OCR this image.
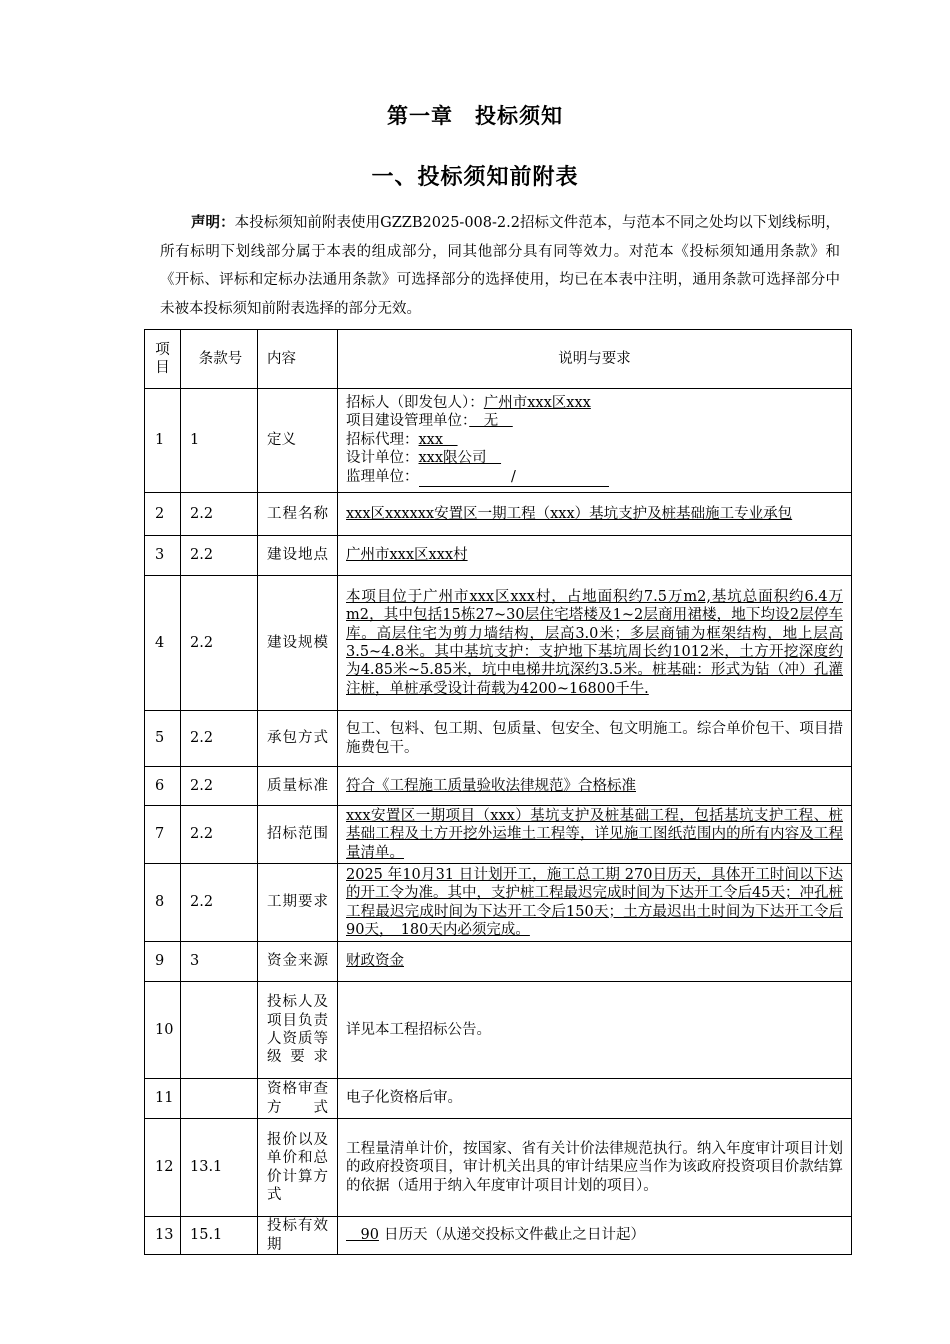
第一章　投标须知
一、投标须知前附表
声明：本投标须知前附表使用GZZB2025-008-2.2招标文件范本，与范本不同之处均以下划线标明，所有标明下划线部分属于本表的组成部分，同其他部分具有同等效力。对范本《投标须知通用条款》和《开标、评标和定标办法通用条款》可选择部分的选择使用，均已在本表中注明，通用条款可选择部分中未被本投标须知前附表选择的部分无效。
项目	条款号	内容	说明与要求
1	1	定义	招标人（即发包人）：广州市xxx区xxx
项目建设管理单位：　无　
招标代理：xxx　
设计单位：xxx限公司　
监理单位： /

2	2.2	工程名称	xxx区xxxxxx安置区一期工程（xxx）基坑支护及桩基础施工专业承包
3	2.2	建设地点	广州市xxx区xxx村
4	2.2	建设规模	本项目位于广州市xxx区xxx村，占地面积约7.5万m2,基坑总面积约6.4万m2，其中包括15栋27~30层住宅塔楼及1~2层商用裙楼，地下均设2层停车库。高层住宅为剪力墙结构，层高3.0米；多层商铺为框架结构，地上层高3.5~4.8米。其中基坑支护：支护地下基坑周长约1012米，土方开挖深度约为4.85米~5.85米，坑中电梯井坑深约3.5米。桩基础：形式为钻（冲）孔灌注桩，单桩承受设计荷载为4200~16800千牛.
5	2.2	承包方式	包工、包料、包工期、包质量、包安全、包文明施工。综合单价包干、项目措施费包干。
6	2.2	质量标准	符合《工程施工质量验收法律规范》合格标准
7	2.2	招标范围	xxx安置区一期项目（xxx）基坑支护及桩基础工程，包括基坑支护工程、桩基础工程及土方开挖外运堆土工程等，详见施工图纸范围内的所有内容及工程量清单。
8	2.2	工期要求	2025 年10月31 日计划开工，施工总工期 270日历天，具体开工时间以下达的开工令为准。其中，支护桩工程最迟完成时间为下达开工令后45天；冲孔桩工程最迟完成时间为下达开工令后150天；土方最迟出土时间为下达开工令后90天，　180天内必须完成。
9	3	资金来源	财政资金
10		投标人及项目负责人资质等级要求	详见本工程招标公告。
11		资格审查方式	电子化资格后审。
12	13.1	报价以及单价和总价计算方式	工程量清单计价，按国家、省有关计价法律规范执行。纳入年度审计项目计划的政府投资项目，审计机关出具的审计结果应当作为该政府投资项目价款结算的依据（适用于纳入年度审计项目计划的项目）。
13	15.1	投标有效期	　90 日历天（从递交投标文件截止之日计起）
